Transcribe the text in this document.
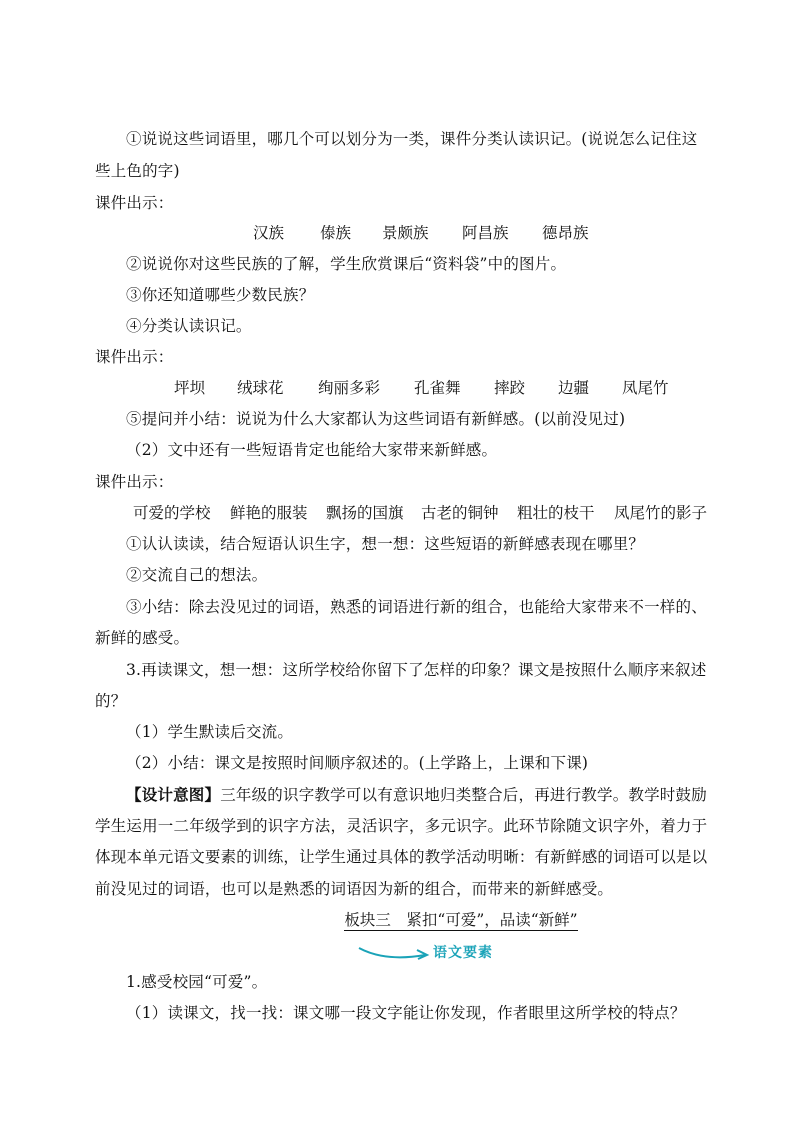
①说说这些词语里，哪几个可以划分为一类，课件分类认读识记。(说说怎么记住这
些上色的字)
课件出示：
汉族 傣族 景颇族 阿昌族 德昂族
②说说你对这些民族的了解，学生欣赏课后“资料袋”中的图片。
③你还知道哪些少数民族？
④分类认读识记。
课件出示：
坪坝 绒球花 绚丽多彩 孔雀舞 摔跤 边疆 凤尾竹
⑤提问并小结：说说为什么大家都认为这些词语有新鲜感。(以前没见过)
（2）文中还有一些短语肯定也能给大家带来新鲜感。
课件出示：
可爱的学校 鲜艳的服装 飘扬的国旗 古老的铜钟 粗壮的枝干 凤尾竹的影子
①认认读读，结合短语认识生字，想一想：这些短语的新鲜感表现在哪里？
②交流自己的想法。
③小结：除去没见过的词语，熟悉的词语进行新的组合，也能给大家带来不一样的、
新鲜的感受。
3.再读课文，想一想：这所学校给你留下了怎样的印象？课文是按照什么顺序来叙述
的？
（1）学生默读后交流。
（2）小结：课文是按照时间顺序叙述的。(上学路上，上课和下课)
【设计意图】三年级的识字教学可以有意识地归类整合后，再进行教学。教学时鼓励
学生运用一二年级学到的识字方法，灵活识字，多元识字。此环节除随文识字外，着力于
体现本单元语文要素的训练，让学生通过具体的教学活动明晰：有新鲜感的词语可以是以
前没见过的词语，也可以是熟悉的词语因为新的组合，而带来的新鲜感受。
板块三　紧扣“可爱”，品读“新鲜”
语文要素
1.感受校园“可爱”。
（1）读课文，找一找：课文哪一段文字能让你发现，作者眼里这所学校的特点？
